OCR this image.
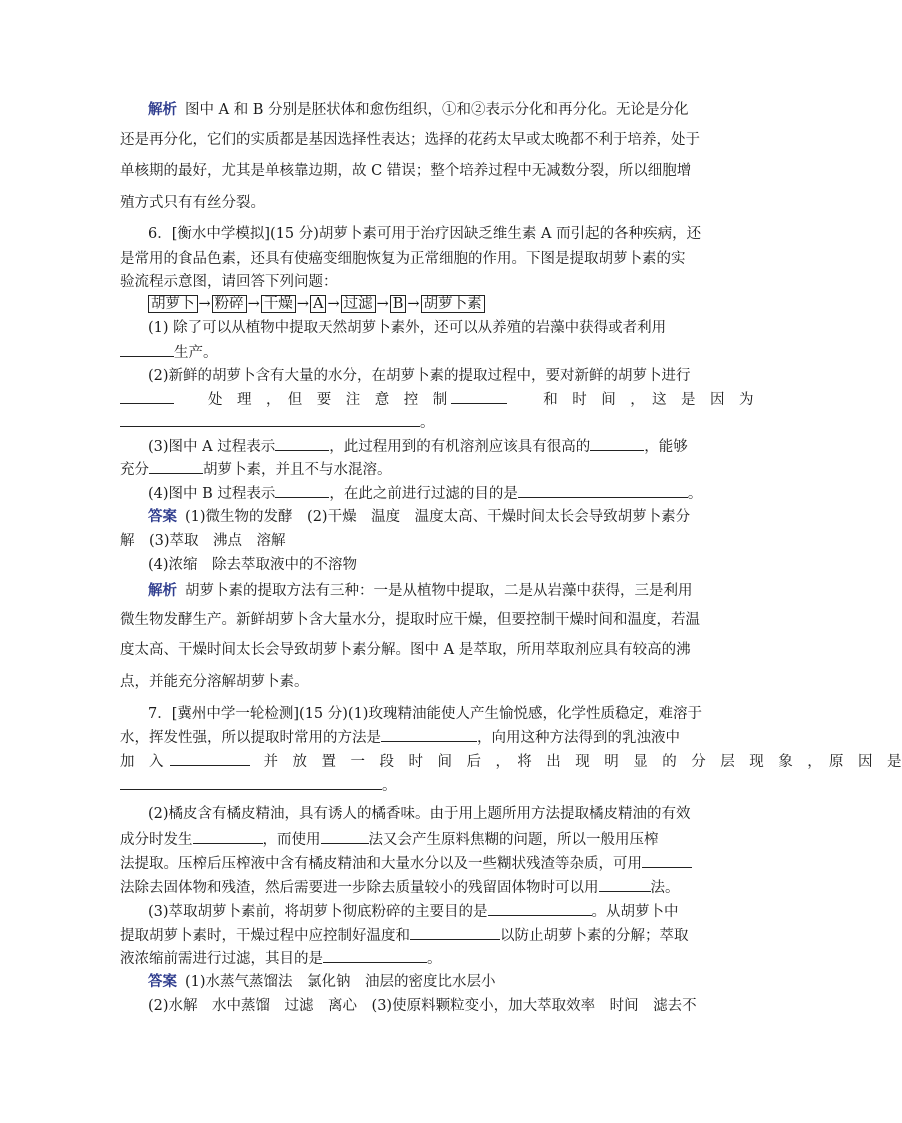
解析 图中 A 和 B 分别是胚状体和愈伤组织，①和②表示分化和再分化。无论是分化
还是再分化，它们的实质都是基因选择性表达；选择的花药太早或太晚都不利于培养，处于
单核期的最好，尤其是单核靠边期，故 C 错误；整个培养过程中无减数分裂，所以细胞增
殖方式只有有丝分裂。
6．[衡水中学模拟](15 分)胡萝卜素可用于治疗因缺乏维生素 A 而引起的各种疾病，还
是常用的食品色素，还具有使癌变细胞恢复为正常细胞的作用。下图是提取胡萝卜素的实
验流程示意图，请回答下列问题：
胡萝卜 → 粉碎 → 干燥 → A → 过滤 → B → 胡萝卜素
(1) 除了可以从植物中提取天然胡萝卜素外，还可以从养殖的岩藻中获得或者利用
生产。
(2)新鲜的胡萝卜含有大量的水分，在胡萝卜素的提取过程中，要对新鲜的胡萝卜进行
处　理　，　但　要　注　意　控　制	和　时　间　，　这　是　因　为
。
(3)图中 A 过程表示	，此过程用到的有机溶剂应该具有很高的	，能够
充分	胡萝卜素，并且不与水混溶。
(4)图中 B 过程表示	，在此之前进行过滤的目的是	。
答案 (1)微生物的发酵　(2)干燥　温度　温度太高、干燥时间太长会导致胡萝卜素分
解　(3)萃取　沸点　溶解
(4)浓缩　除去萃取液中的不溶物
解析 胡萝卜素的提取方法有三种：一是从植物中提取，二是从岩藻中获得，三是利用
微生物发酵生产。新鲜胡萝卜含大量水分，提取时应干燥，但要控制干燥时间和温度，若温
度太高、干燥时间太长会导致胡萝卜素分解。图中 A 是萃取，所用萃取剂应具有较高的沸
点，并能充分溶解胡萝卜素。
7．[冀州中学一轮检测](15 分)(1)玫瑰精油能使人产生愉悦感，化学性质稳定，难溶于
水，挥发性强，所以提取时常用的方法是	，向用这种方法得到的乳浊液中
加　入	并　放　置　一　段　时　间　后　，　将　出　现　明　显　的　分　层　现　象　，　原　因　是
。
(2)橘皮含有橘皮精油，具有诱人的橘香味。由于用上题所用方法提取橘皮精油的有效
成分时发生	，而使用	法又会产生原料焦糊的问题，所以一般用压榨
法提取。压榨后压榨液中含有橘皮精油和大量水分以及一些糊状残渣等杂质，可用
法除去固体物和残渣，然后需要进一步除去质量较小的残留固体物时可以用	法。
(3)萃取胡萝卜素前，将胡萝卜彻底粉碎的主要目的是	。从胡萝卜中
提取胡萝卜素时，干燥过程中应控制好温度和	以防止胡萝卜素的分解；萃取
液浓缩前需进行过滤，其目的是	。
答案 (1)水蒸气蒸馏法　氯化钠　油层的密度比水层小
(2)水解　水中蒸馏　过滤　离心　(3)使原料颗粒变小，加大萃取效率　时间　滤去不
